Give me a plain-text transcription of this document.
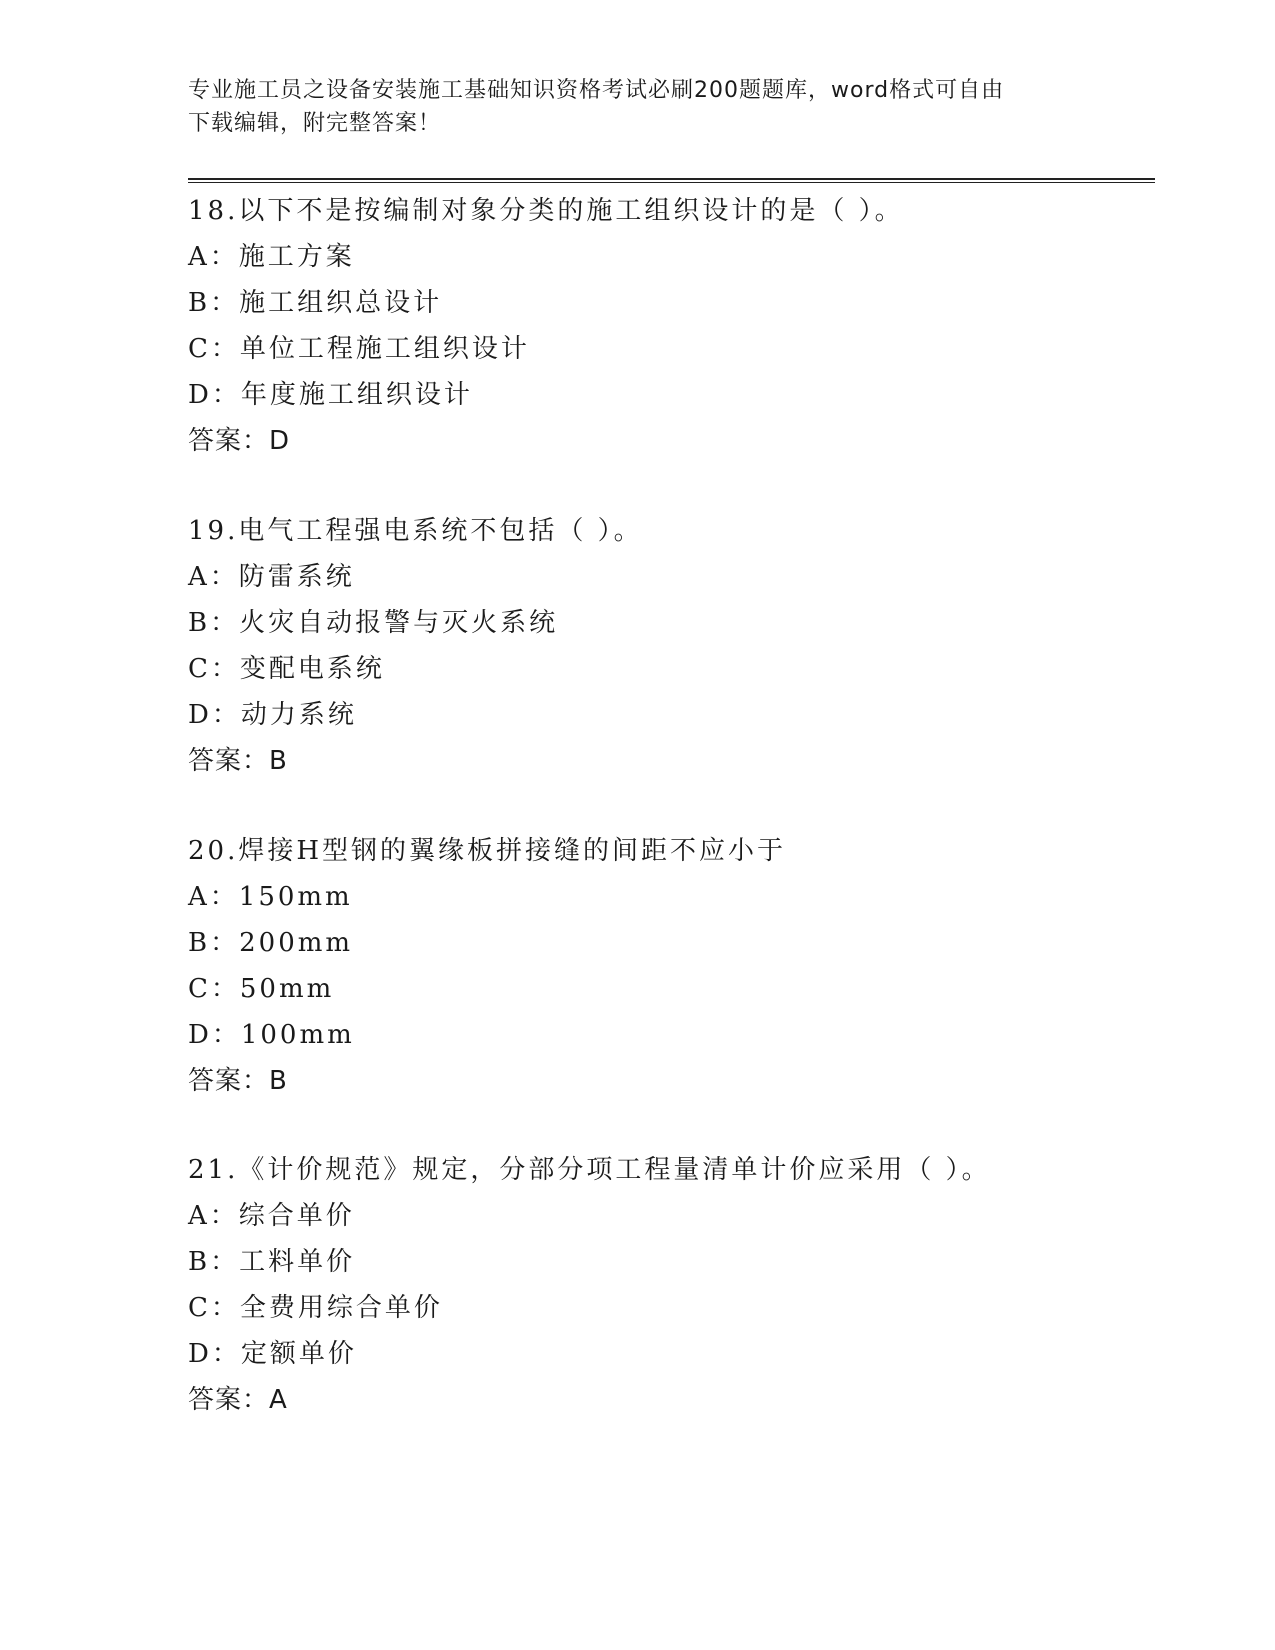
专业施工员之设备安装施工基础知识资格考试必刷200题题库，word格式可自由
下载编辑，附完整答案！
18.以下不是按编制对象分类的施工组织设计的是（ ）。
A：施工方案
B：施工组织总设计
C：单位工程施工组织设计
D：年度施工组织设计
答案：D
19.电气工程强电系统不包括（ ）。
A：防雷系统
B：火灾自动报警与灭火系统
C：变配电系统
D：动力系统
答案：B
20.焊接H型钢的翼缘板拼接缝的间距不应小于
A：150mm
B：200mm
C：50mm
D：100mm
答案：B
21.《计价规范》规定，分部分项工程量清单计价应采用（ ）。
A：综合单价
B：工料单价
C：全费用综合单价
D：定额单价
答案：A
